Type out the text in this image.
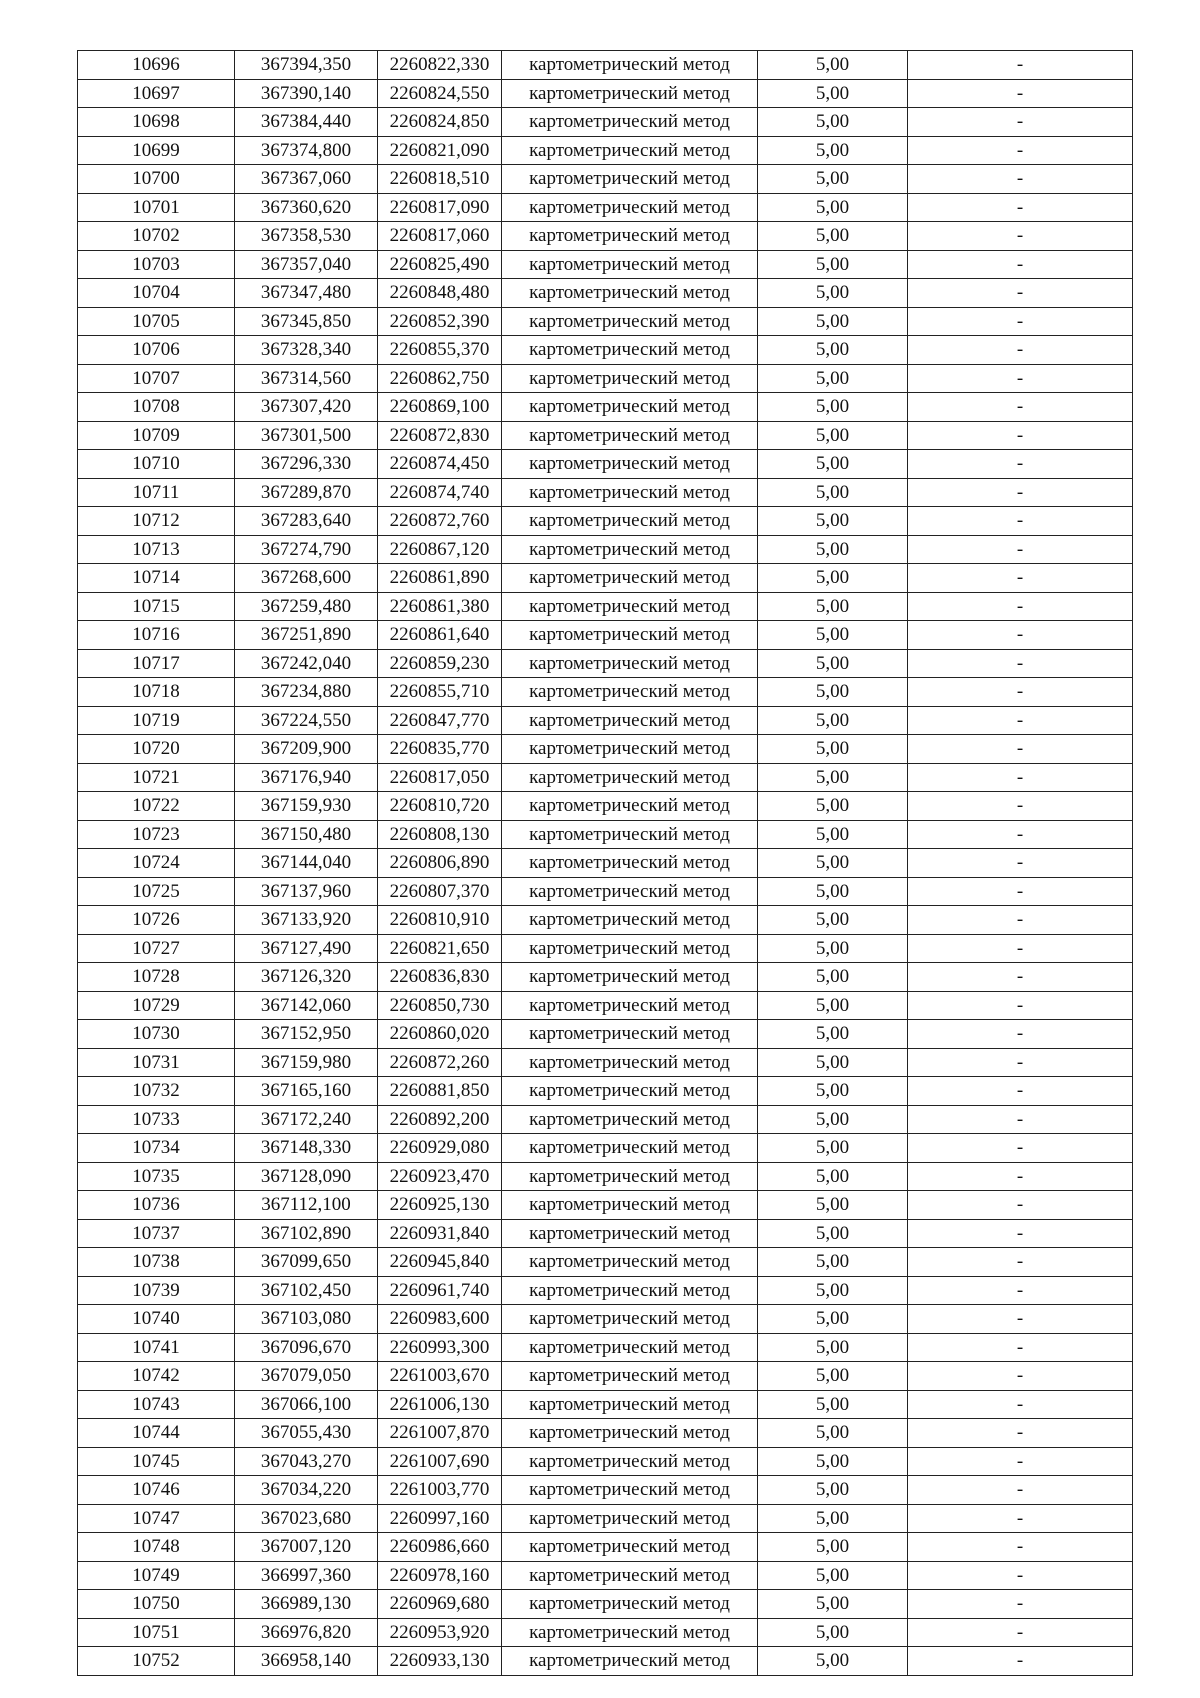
10696	367394,350	2260822,330	картометрический метод	5,00	-
10697	367390,140	2260824,550	картометрический метод	5,00	-
10698	367384,440	2260824,850	картометрический метод	5,00	-
10699	367374,800	2260821,090	картометрический метод	5,00	-
10700	367367,060	2260818,510	картометрический метод	5,00	-
10701	367360,620	2260817,090	картометрический метод	5,00	-
10702	367358,530	2260817,060	картометрический метод	5,00	-
10703	367357,040	2260825,490	картометрический метод	5,00	-
10704	367347,480	2260848,480	картометрический метод	5,00	-
10705	367345,850	2260852,390	картометрический метод	5,00	-
10706	367328,340	2260855,370	картометрический метод	5,00	-
10707	367314,560	2260862,750	картометрический метод	5,00	-
10708	367307,420	2260869,100	картометрический метод	5,00	-
10709	367301,500	2260872,830	картометрический метод	5,00	-
10710	367296,330	2260874,450	картометрический метод	5,00	-
10711	367289,870	2260874,740	картометрический метод	5,00	-
10712	367283,640	2260872,760	картометрический метод	5,00	-
10713	367274,790	2260867,120	картометрический метод	5,00	-
10714	367268,600	2260861,890	картометрический метод	5,00	-
10715	367259,480	2260861,380	картометрический метод	5,00	-
10716	367251,890	2260861,640	картометрический метод	5,00	-
10717	367242,040	2260859,230	картометрический метод	5,00	-
10718	367234,880	2260855,710	картометрический метод	5,00	-
10719	367224,550	2260847,770	картометрический метод	5,00	-
10720	367209,900	2260835,770	картометрический метод	5,00	-
10721	367176,940	2260817,050	картометрический метод	5,00	-
10722	367159,930	2260810,720	картометрический метод	5,00	-
10723	367150,480	2260808,130	картометрический метод	5,00	-
10724	367144,040	2260806,890	картометрический метод	5,00	-
10725	367137,960	2260807,370	картометрический метод	5,00	-
10726	367133,920	2260810,910	картометрический метод	5,00	-
10727	367127,490	2260821,650	картометрический метод	5,00	-
10728	367126,320	2260836,830	картометрический метод	5,00	-
10729	367142,060	2260850,730	картометрический метод	5,00	-
10730	367152,950	2260860,020	картометрический метод	5,00	-
10731	367159,980	2260872,260	картометрический метод	5,00	-
10732	367165,160	2260881,850	картометрический метод	5,00	-
10733	367172,240	2260892,200	картометрический метод	5,00	-
10734	367148,330	2260929,080	картометрический метод	5,00	-
10735	367128,090	2260923,470	картометрический метод	5,00	-
10736	367112,100	2260925,130	картометрический метод	5,00	-
10737	367102,890	2260931,840	картометрический метод	5,00	-
10738	367099,650	2260945,840	картометрический метод	5,00	-
10739	367102,450	2260961,740	картометрический метод	5,00	-
10740	367103,080	2260983,600	картометрический метод	5,00	-
10741	367096,670	2260993,300	картометрический метод	5,00	-
10742	367079,050	2261003,670	картометрический метод	5,00	-
10743	367066,100	2261006,130	картометрический метод	5,00	-
10744	367055,430	2261007,870	картометрический метод	5,00	-
10745	367043,270	2261007,690	картометрический метод	5,00	-
10746	367034,220	2261003,770	картометрический метод	5,00	-
10747	367023,680	2260997,160	картометрический метод	5,00	-
10748	367007,120	2260986,660	картометрический метод	5,00	-
10749	366997,360	2260978,160	картометрический метод	5,00	-
10750	366989,130	2260969,680	картометрический метод	5,00	-
10751	366976,820	2260953,920	картометрический метод	5,00	-
10752	366958,140	2260933,130	картометрический метод	5,00	-
